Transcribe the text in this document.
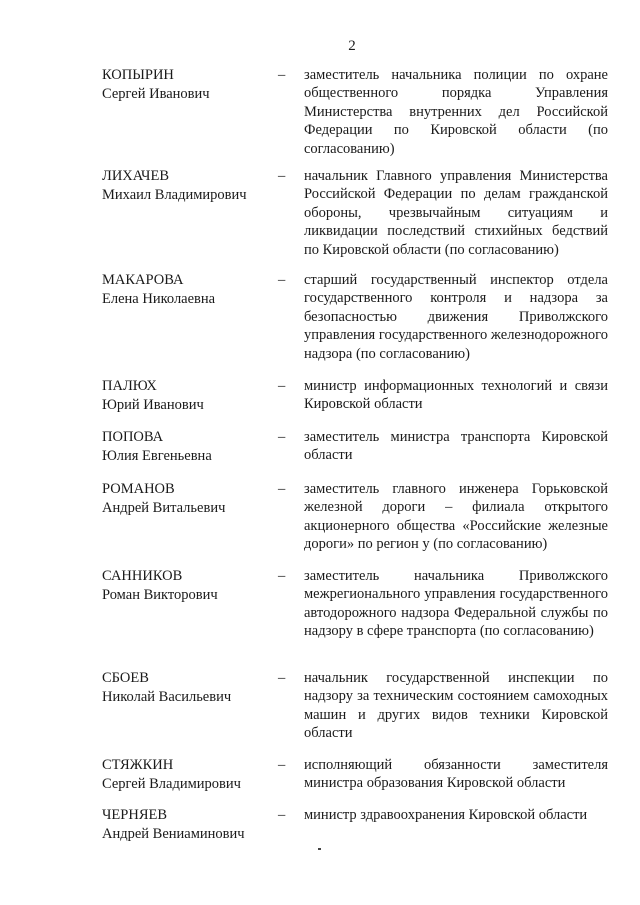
2
КОПЫРИН
Сергей Иванович
– заместитель начальника полиции по охране общественного порядка Управления Министерства внутренних дел Российской Федерации по Кировской области (по согласованию)
ЛИХАЧЕВ
Михаил Владимирович
– начальник Главного управления Министерства Российской Федерации по делам гражданской обороны, чрезвычайным ситуациям и ликвидации последствий стихийных бедствий по Кировской области (по согласованию)
МАКАРОВА
Елена Николаевна
– старший государственный инспектор отдела государственного контроля и надзора за безопасностью движения Приволжского управления государственного железнодорожного надзора (по согласованию)
ПАЛЮХ
Юрий Иванович
– министр информационных технологий и связи Кировской области
ПОПОВА
Юлия Евгеньевна
– заместитель министра транспорта Кировской области
РОМАНОВ
Андрей Витальевич
– заместитель главного инженера Горьковской железной дороги – филиала открытого акционерного общества «Российские железные дороги» по регион у (по согласованию)
САННИКОВ
Роман Викторович
– заместитель начальника Приволжского межрегионального управления государственного автодорожного надзора Федеральной службы по надзору в сфере транспорта (по согласованию)
СБОЕВ
Николай Васильевич
– начальник государственной инспекции по надзору за техническим состоянием самоходных машин и других видов техники Кировской области
СТЯЖКИН
Сергей Владимирович
– исполняющий обязанности заместителя министра образования Кировской области
ЧЕРНЯЕВ
Андрей Вениаминович
– министр здравоохранения Кировской области
